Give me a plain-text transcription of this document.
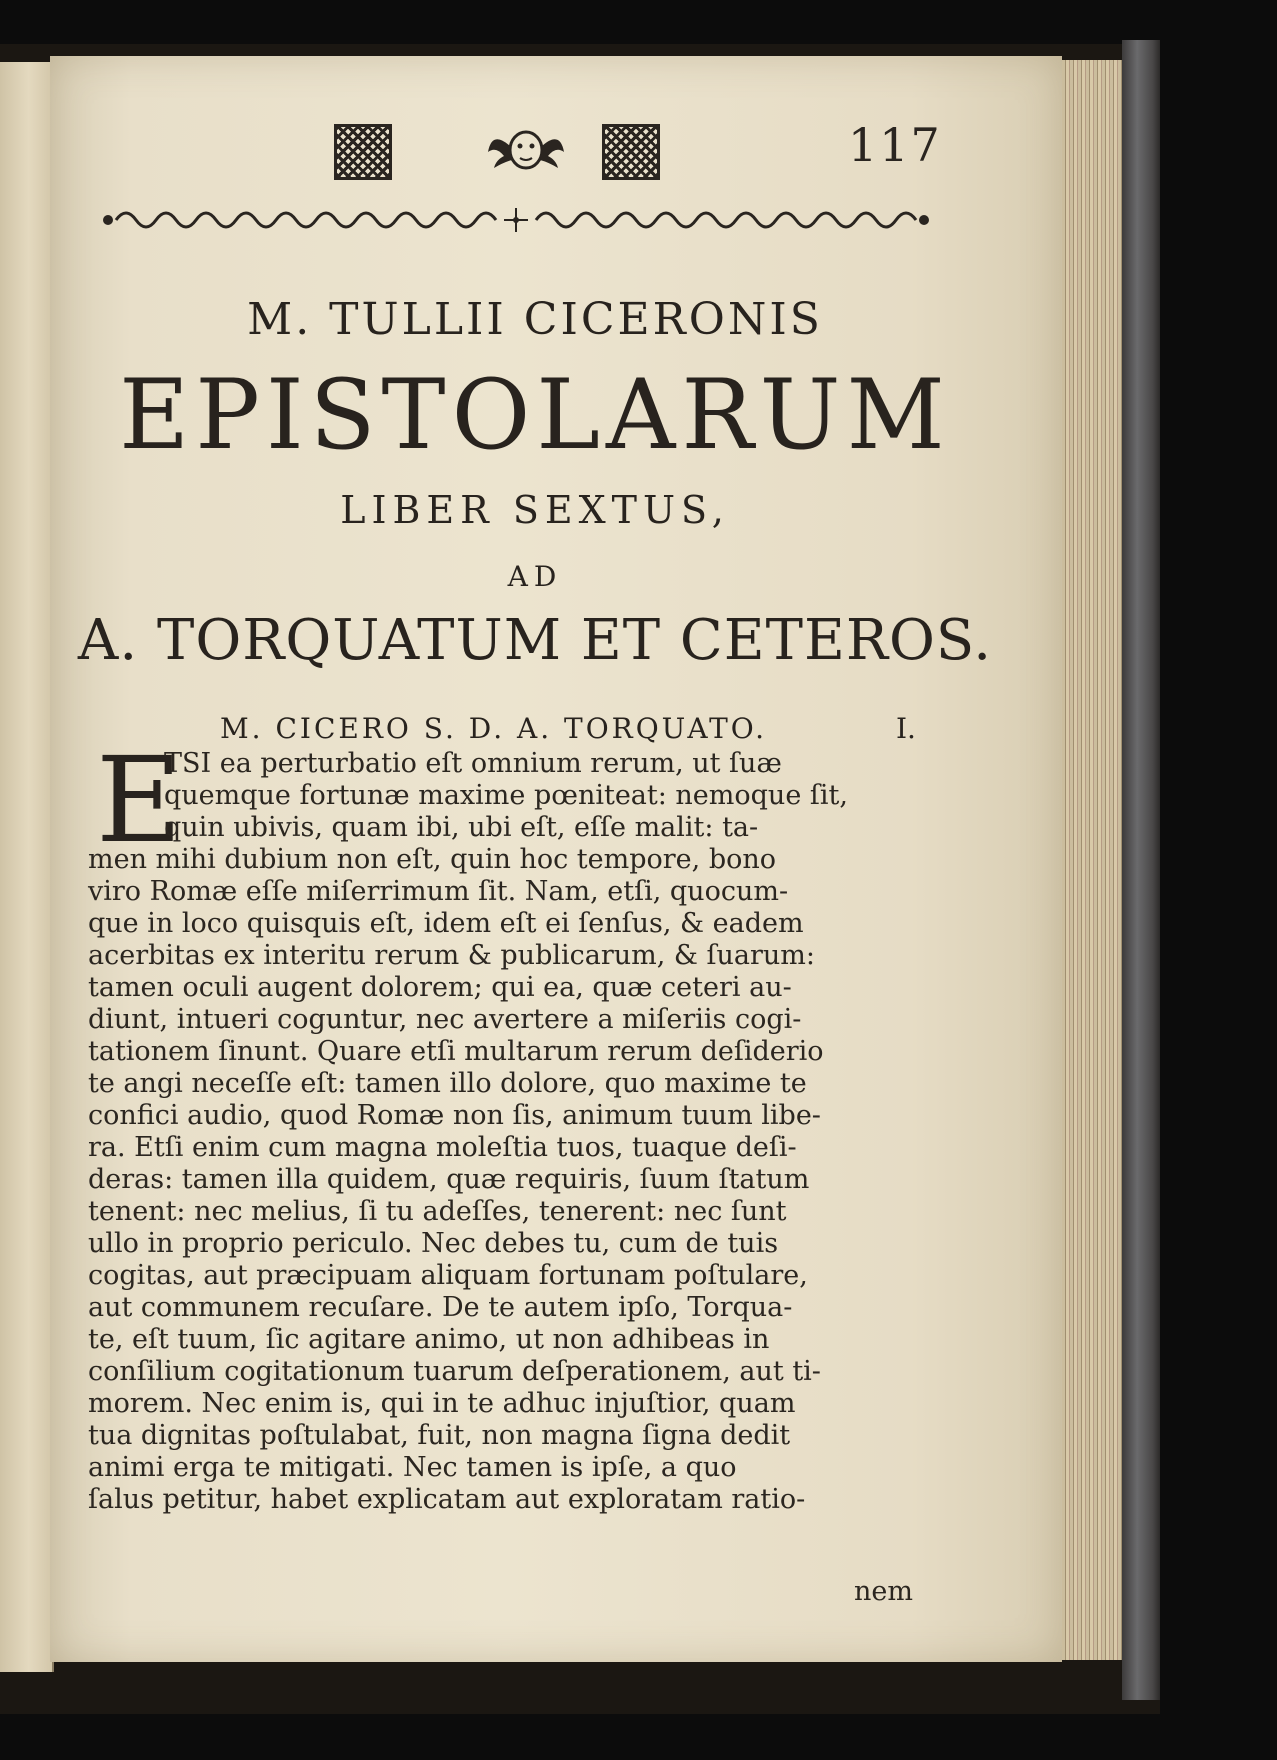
117
M. TULLII CICERONIS
EPISTOLARUM
LIBER SEXTUS,
AD
A. TORQUATUM ET CETEROS.
M. CICERO S. D. A. TORQUATO.	I.
E
TSI ea perturbatio eſt omnium rerum, ut ſuæ
quemque fortunæ maxime pœniteat: nemoque ſit,
quin ubivis, quam ibi, ubi eſt, eſſe malit: ta-
men mihi dubium non eſt, quin hoc tempore, bono
viro Romæ eſſe miſerrimum ſit. Nam, etſi, quocum-
que in loco quisquis eſt, idem eſt ei ſenſus, & eadem
acerbitas ex interitu rerum & publicarum, & ſuarum:
tamen oculi augent dolorem; qui ea, quæ ceteri au-
diunt, intueri coguntur, nec avertere a miſeriis cogi-
tationem ſinunt. Quare etſi multarum rerum deſiderio
te angi neceſſe eſt: tamen illo dolore, quo maxime te
confici audio, quod Romæ non ſis, animum tuum libe-
ra. Etſi enim cum magna moleſtia tuos, tuaque deſi-
deras: tamen illa quidem, quæ requiris, ſuum ſtatum
tenent: nec melius, ſi tu adeſſes, tenerent: nec ſunt
ullo in proprio periculo. Nec debes tu, cum de tuis
cogitas, aut præcipuam aliquam fortunam poſtulare,
aut communem recuſare. De te autem ipſo, Torqua-
te, eſt tuum, ſic agitare animo, ut non adhibeas in
conſilium cogitationum tuarum deſperationem, aut ti-
morem. Nec enim is, qui in te adhuc injuſtior, quam
tua dignitas poſtulabat, fuit, non magna ſigna dedit
animi erga te mitigati. Nec tamen is ipſe, a quo
ſalus petitur, habet explicatam aut exploratam ratio-
nem
